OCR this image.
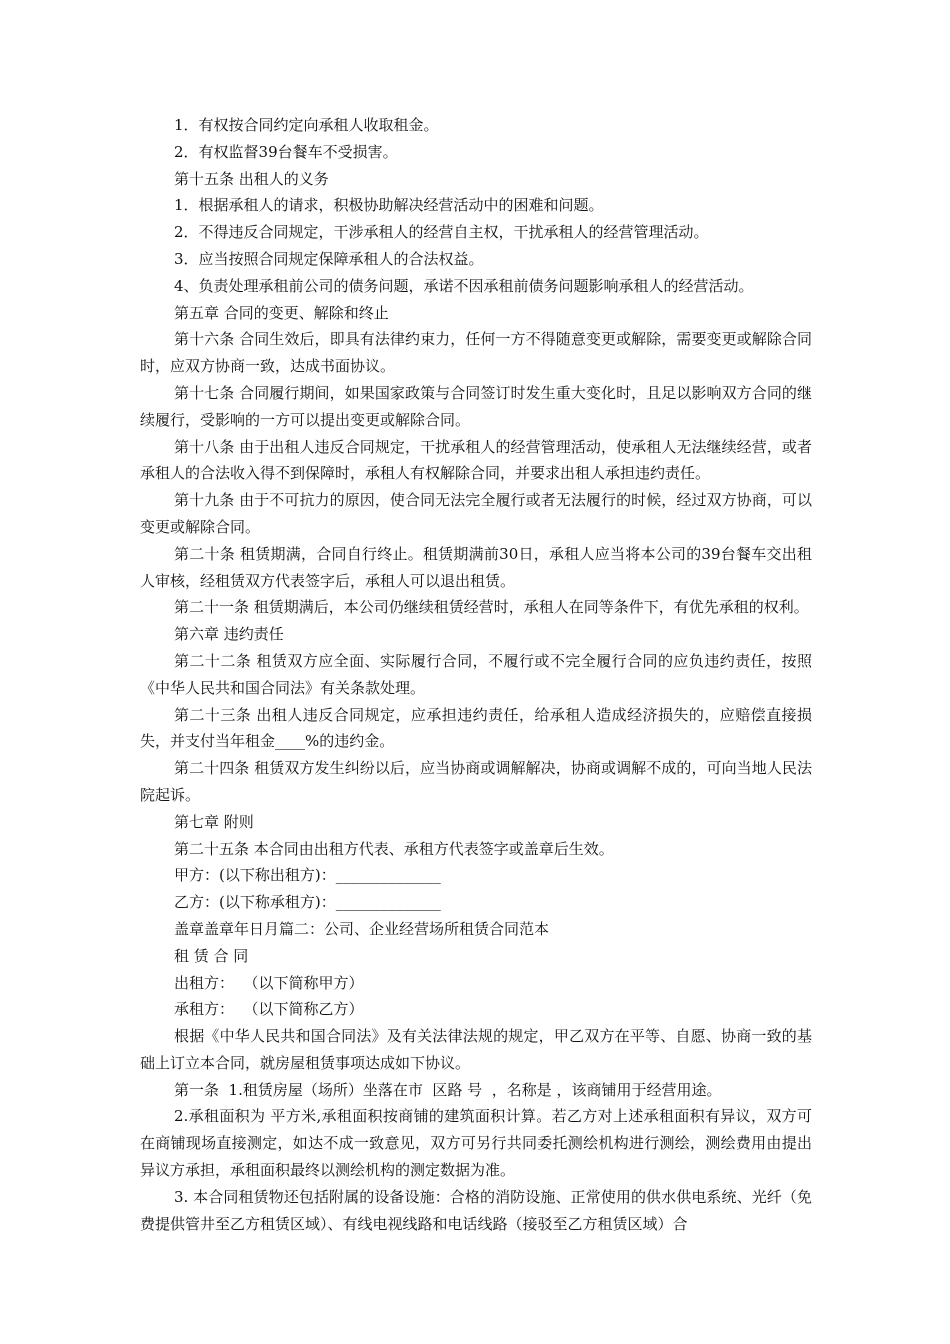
1．有权按合同约定向承租人收取租金。

2．有权监督39台餐车不受损害。

第十五条 出租人的义务

1．根据承租人的请求，积极协助解决经营活动中的困难和问题。

2．不得违反合同规定，干涉承租人的经营自主权，干扰承租人的经营管理活动。

3．应当按照合同规定保障承租人的合法权益。

4、负责处理承租前公司的债务问题，承诺不因承租前债务问题影响承租人的经营活动。

第五章 合同的变更、解除和终止

第十六条 合同生效后，即具有法律约束力，任何一方不得随意变更或解除，需要变更或解除合同时，应双方协商一致，达成书面协议。

第十七条 合同履行期间，如果国家政策与合同签订时发生重大变化时，且足以影响双方合同的继续履行，受影响的一方可以提出变更或解除合同。

第十八条 由于出租人违反合同规定，干扰承租人的经营管理活动，使承租人无法继续经营，或者承租人的合法收入得不到保障时，承租人有权解除合同，并要求出租人承担违约责任。

第十九条 由于不可抗力的原因，使合同无法完全履行或者无法履行的时候，经过双方协商，可以变更或解除合同。

第二十条 租赁期满，合同自行终止。租赁期满前30日，承租人应当将本公司的39台餐车交出租人审核，经租赁双方代表签字后，承租人可以退出租赁。

第二十一条 租赁期满后，本公司仍继续租赁经营时，承租人在同等条件下，有优先承租的权利。

第六章 违约责任

第二十二条 租赁双方应全面、实际履行合同，不履行或不完全履行合同的应负违约责任，按照《中华人民共和国合同法》有关条款处理。

第二十三条 出租人违反合同规定，应承担违约责任，给承租人造成经济损失的，应赔偿直接损失，并支付当年租金____%的违约金。

第二十四条 租赁双方发生纠纷以后，应当协商或调解解决，协商或调解不成的，可向当地人民法院起诉。

第七章 附则

第二十五条 本合同由出租方代表、承租方代表签字或盖章后生效。

甲方：(以下称出租方)：______________

乙方：(以下称承租方)：______________

盖章盖章年日月篇二：公司、企业经营场所租赁合同范本

租 赁 合 同

出租方：  （以下简称甲方）

承租方：  （以下简称乙方）

根据《中华人民共和国合同法》及有关法律法规的规定，甲乙双方在平等、自愿、协商一致的基础上订立本合同，就房屋租赁事项达成如下协议。

第一条  1.租赁房屋（场所）坐落在市  区路 号  ，名称是 ，该商铺用于经营用途。

2.承租面积为 平方米,承租面积按商铺的建筑面积计算。若乙方对上述承租面积有异议，双方可在商铺现场直接测定，如达不成一致意见，双方可另行共同委托测绘机构进行测绘，测绘费用由提出异议方承担，承租面积最终以测绘机构的测定数据为准。

3. 本合同租赁物还包括附属的设备设施：合格的消防设施、正常使用的供水供电系统、光纤（免费提供管井至乙方租赁区域）、有线电视线路和电话线路（接驳至乙方租赁区域）合
